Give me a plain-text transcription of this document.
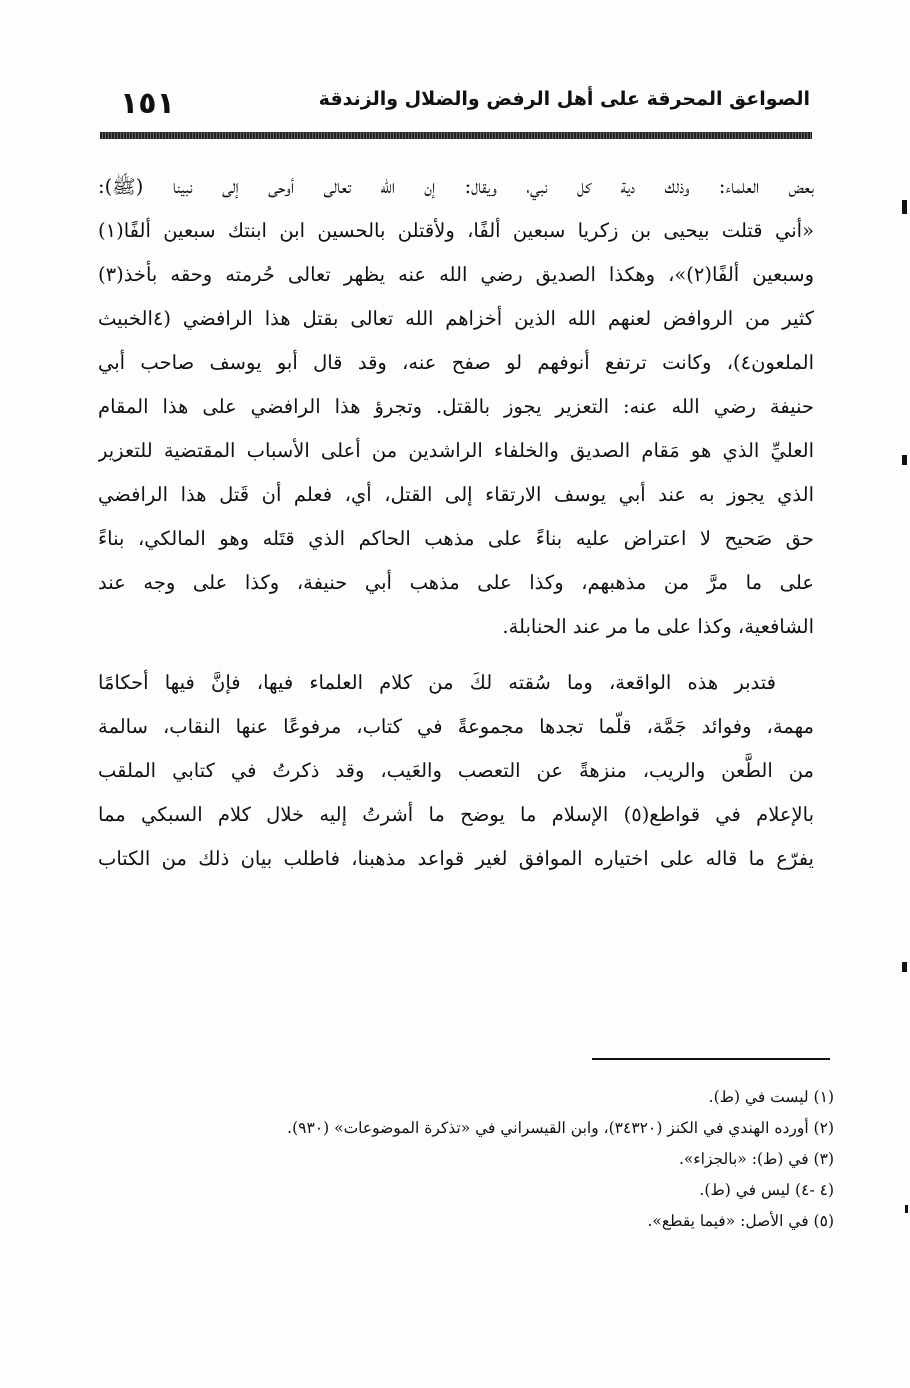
الصواعق المحرقة على أهل الرفض والضلال والزندقة
١٥١
بعض العلماء: وذلك دية كل نبي، ويقال: إن الله تعالى أوحى إلى نبينا (ﷺ):
«أني قتلت بيحيى بن زكريا سبعين ألفًا، ولأقتلن بالحسين ابن ابنتك سبعين ألفًا(١)
وسبعين ألفًا(٢)»، وهكذا الصديق رضي الله عنه يظهر تعالى حُرمته وحقه بأخذ(٣)
كثير من الروافض لعنهم الله الذين أخزاهم الله تعالى بقتل هذا الرافضي (٤الخبيث
الملعون٤)، وكانت ترتفع أنوفهم لو صفح عنه، وقد قال أبو يوسف صاحب أبي
حنيفة رضي الله عنه: التعزير يجوز بالقتل. وتجرؤ هذا الرافضي على هذا المقام
العليِّ الذي هو مَقام الصديق والخلفاء الراشدين من أعلى الأسباب المقتضية للتعزير
الذي يجوز به عند أبي يوسف الارتقاء إلى القتل، أي، فعلم أن قَتل هذا الرافضي
حق صَحيح لا اعتراض عليه بناءً على مذهب الحاكم الذي قتَله وهو المالكي، بناءً
على ما مرَّ من مذهبهم، وكذا على مذهب أبي حنيفة، وكذا على وجه عند
الشافعية، وكذا على ما مر عند الحنابلة.
فتدبر هذه الواقعة، وما سُقته لكَ من كلام العلماء فيها، فإنَّ فيها أحكامًا
مهمة، وفوائد جَمَّة، قلّما تجدها مجموعةً في كتاب، مرفوعًا عنها النقاب، سالمة
من الطَّعن والريب، منزهةً عن التعصب والعَيب، وقد ذكرتُ في كتابي الملقب
بالإعلام في قواطع(٥) الإسلام ما يوضح ما أشرتُ إليه خلال كلام السبكي مما
يفرّع ما قاله على اختياره الموافق لغير قواعد مذهبنا، فاطلب بيان ذلك من الكتاب
(١) ليست في (ط).
(٢) أورده الهندي في الكنز (٣٤٣٢٠)، وابن القيسراني في «تذكرة الموضوعات» (٩٣٠).
(٣) في (ط): «بالجزاء».
(٤ -٤) ليس في (ط).
(٥) في الأصل: «فيما يقطع».
